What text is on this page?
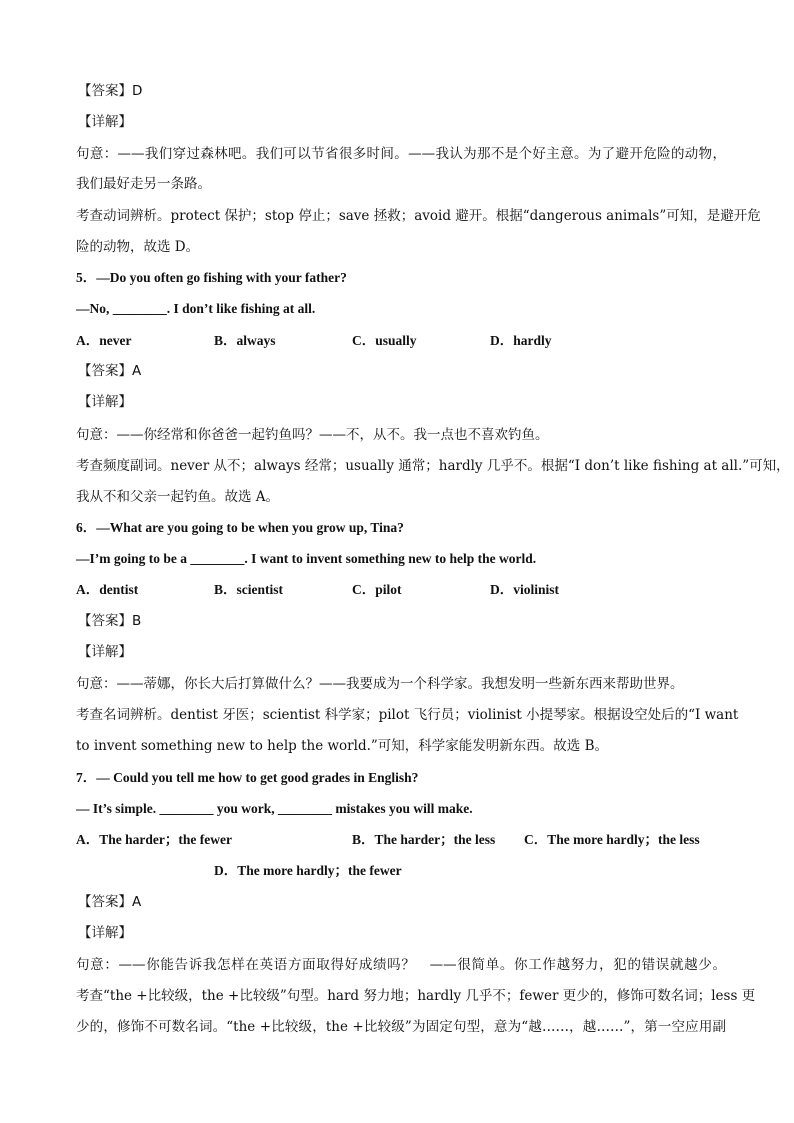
【答案】D
【详解】
句意：——我们穿过森林吧。我们可以节省很多时间。——我认为那不是个好主意。为了避开危险的动物，
我们最好走另一条路。
考查动词辨析。protect 保护；stop 停止；save 拯救；avoid 避开。根据“dangerous animals”可知，是避开危
险的动物，故选 D。
5．—Do you often go fishing with your father?
—No, ________. I don’t like fishing at all.
A．never	B．always	C．usually	D．hardly
【答案】A
【详解】
句意：——你经常和你爸爸一起钓鱼吗？——不，从不。我一点也不喜欢钓鱼。
考查频度副词。never 从不；always 经常；usually 通常；hardly 几乎不。根据“I don’t like fishing at all.”可知，
我从不和父亲一起钓鱼。故选 A。
6．—What are you going to be when you grow up, Tina?
—I’m going to be a ________. I want to invent something new to help the world.
A．dentist	B．scientist	C．pilot	D．violinist
【答案】B
【详解】
句意：——蒂娜，你长大后打算做什么？——我要成为一个科学家。我想发明一些新东西来帮助世界。
考查名词辨析。dentist 牙医；scientist 科学家；pilot 飞行员；violinist 小提琴家。根据设空处后的“I want
to invent something new to help the world.”可知，科学家能发明新东西。故选 B。
7．— Could you tell me how to get good grades in English?
— It’s simple. ________ you work, ________ mistakes you will make.
A．The harder；the fewer	B．The harder；the less C．The more hardly；the less
D．The more hardly；the fewer
【答案】A
【详解】
句意：——你能告诉我怎样在英语方面取得好成绩吗？　——很简单。你工作越努力，犯的错误就越少。
考查“the +比较级，the +比较级”句型。hard 努力地；hardly 几乎不；fewer 更少的，修饰可数名词；less 更
少的，修饰不可数名词。“the +比较级，the +比较级”为固定句型，意为“越……，越……”，第一空应用副
